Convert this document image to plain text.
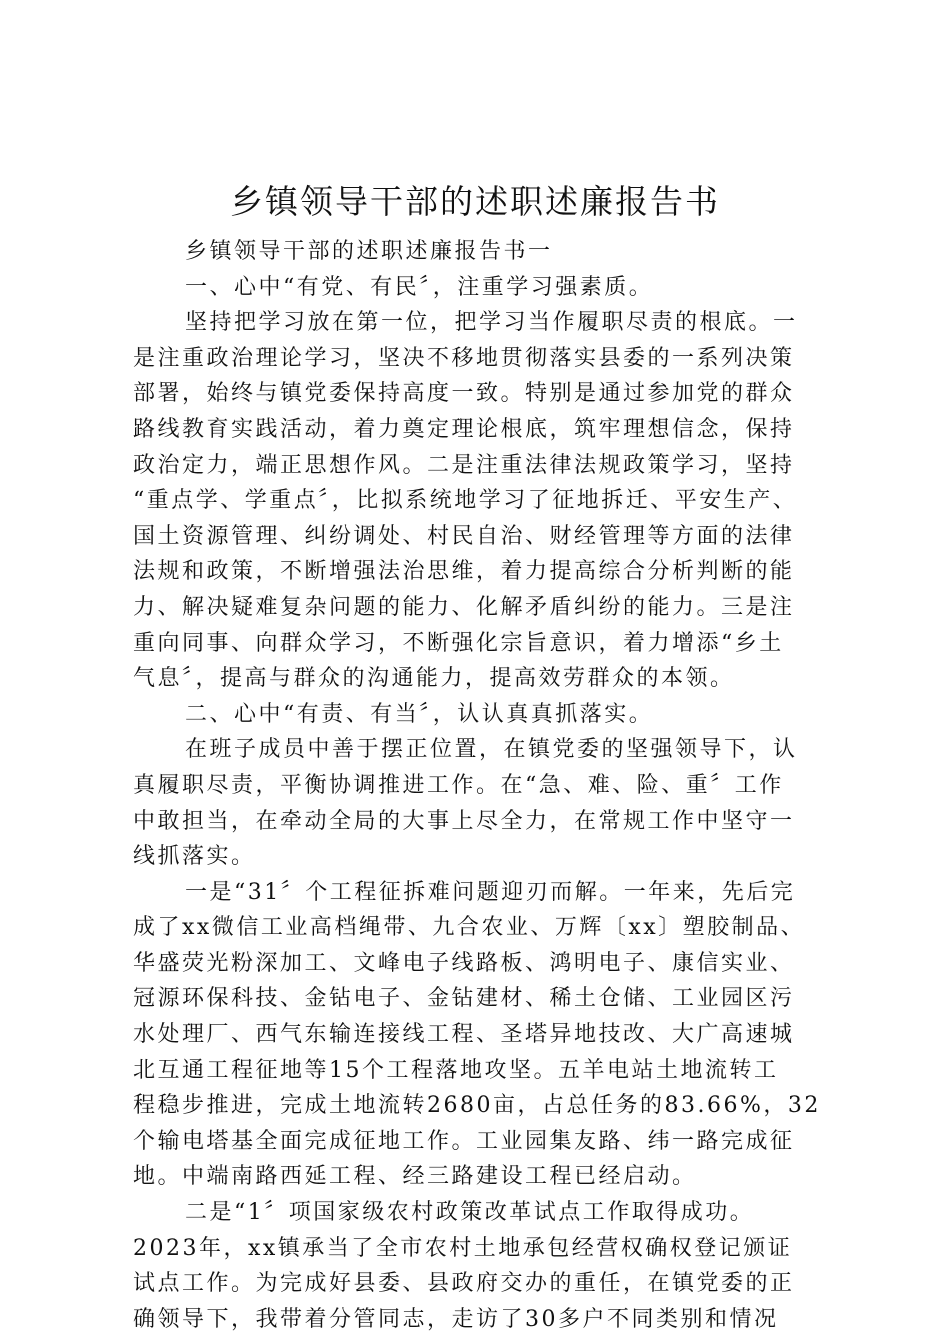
乡镇领导干部的述职述廉报告书
乡镇领导干部的述职述廉报告书一
一、心中“有党、有民〞，注重学习强素质。
坚持把学习放在第一位，把学习当作履职尽责的根底。一
是注重政治理论学习，坚决不移地贯彻落实县委的一系列决策
部署，始终与镇党委保持高度一致。特别是通过参加党的群众
路线教育实践活动，着力奠定理论根底，筑牢理想信念，保持
政治定力，端正思想作风。二是注重法律法规政策学习，坚持
“重点学、学重点〞，比拟系统地学习了征地拆迁、平安生产、
国土资源管理、纠纷调处、村民自治、财经管理等方面的法律
法规和政策，不断增强法治思维，着力提高综合分析判断的能
力、解决疑难复杂问题的能力、化解矛盾纠纷的能力。三是注
重向同事、向群众学习，不断强化宗旨意识，着力增添“乡土
气息〞，提高与群众的沟通能力，提高效劳群众的本领。
二、心中“有责、有当〞，认认真真抓落实。
在班子成员中善于摆正位置，在镇党委的坚强领导下，认
真履职尽责，平衡协调推进工作。在“急、难、险、重〞工作
中敢担当，在牵动全局的大事上尽全力，在常规工作中坚守一
线抓落实。
一是“31〞个工程征拆难问题迎刃而解。一年来，先后完
成了xx微信工业高档绳带、九合农业、万辉〔xx〕塑胶制品、
华盛荧光粉深加工、文峰电子线路板、鸿明电子、康信实业、
冠源环保科技、金钻电子、金钻建材、稀土仓储、工业园区污
水处理厂、西气东输连接线工程、圣塔异地技改、大广高速城
北互通工程征地等15个工程落地攻坚。五羊电站土地流转工
程稳步推进，完成土地流转2680亩，占总任务的83.66%，32
个输电塔基全面完成征地工作。工业园集友路、纬一路完成征
地。中端南路西延工程、经三路建设工程已经启动。
二是“1〞项国家级农村政策改革试点工作取得成功。
2023年，xx镇承当了全市农村土地承包经营权确权登记颁证
试点工作。为完成好县委、县政府交办的重任，在镇党委的正
确领导下，我带着分管同志，走访了30多户不同类别和情况
